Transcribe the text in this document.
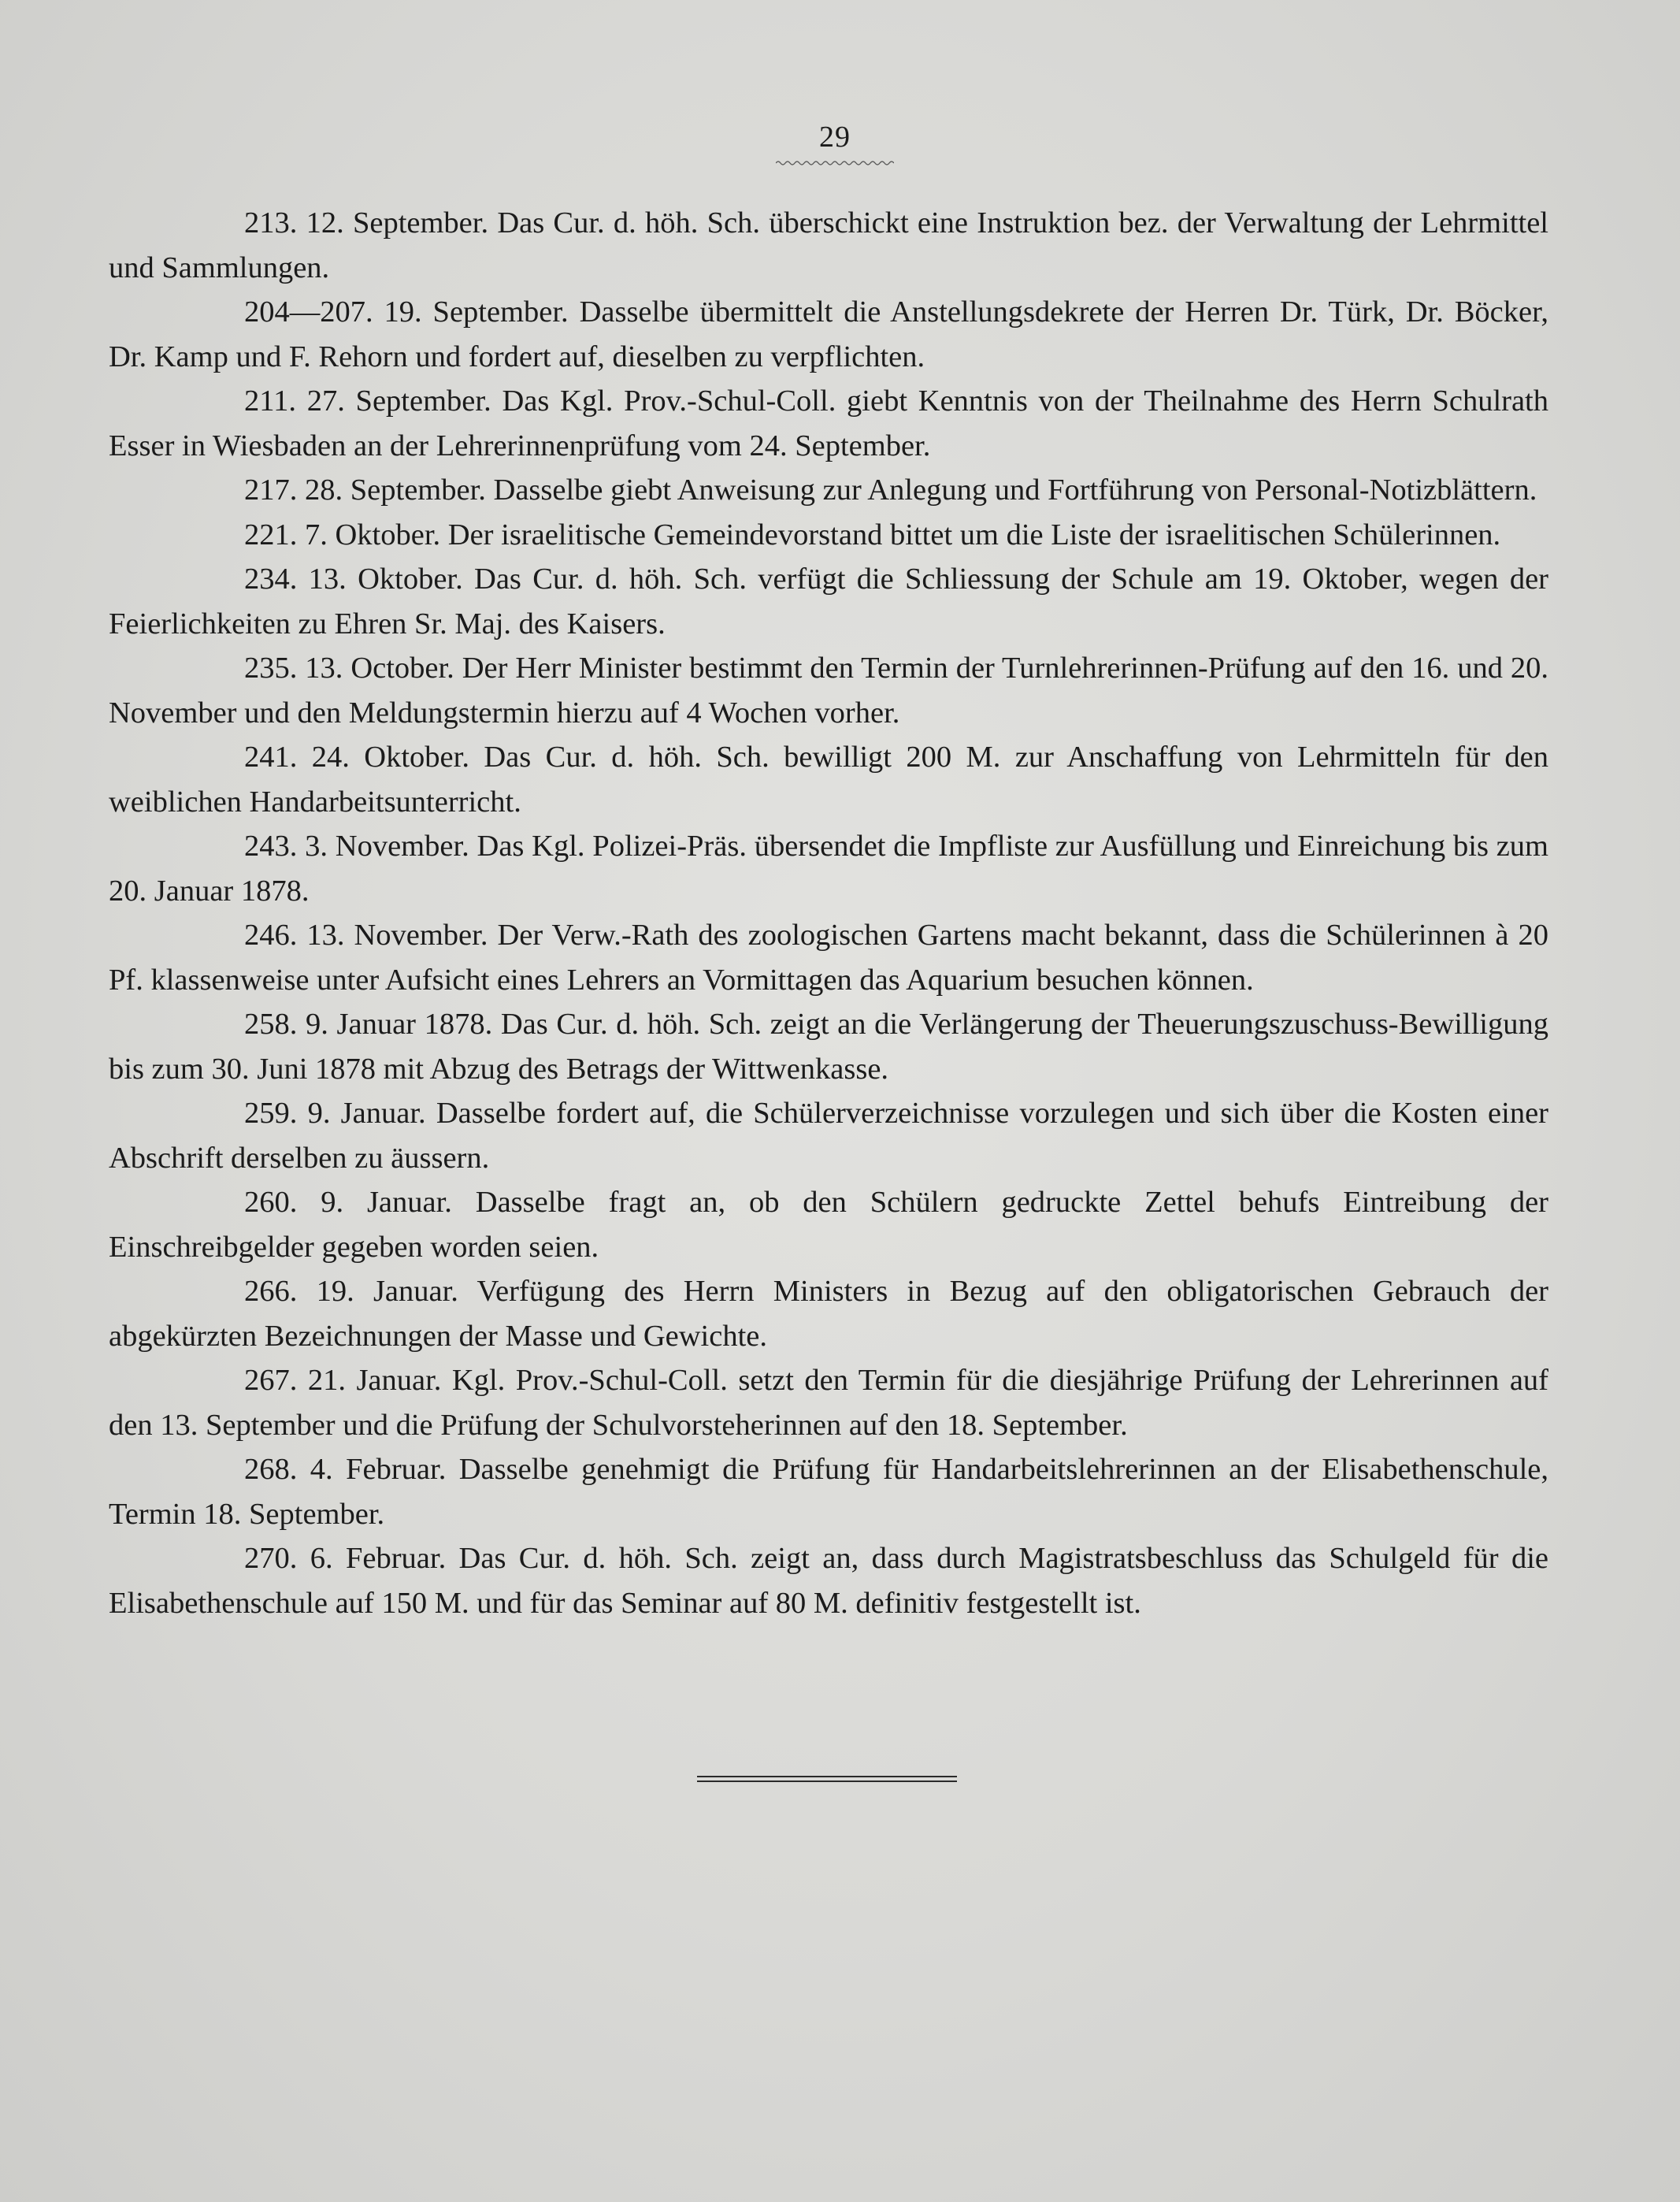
29

213. 12. September. Das Cur. d. höh. Sch. überschickt eine Instruktion bez. der Verwaltung der Lehrmittel und Sammlungen.

204—207. 19. September. Dasselbe übermittelt die Anstellungsdekrete der Herren Dr. Türk, Dr. Böcker, Dr. Kamp und F. Rehorn und fordert auf, dieselben zu verpflichten.

211. 27. September. Das Kgl. Prov.-Schul-Coll. giebt Kenntnis von der Theilnahme des Herrn Schulrath Esser in Wiesbaden an der Lehrerinnenprüfung vom 24. September.

217. 28. September. Dasselbe giebt Anweisung zur Anlegung und Fortführung von Personal-Notizblättern.

221. 7. Oktober. Der israelitische Gemeindevorstand bittet um die Liste der israelitischen Schülerinnen.

234. 13. Oktober. Das Cur. d. höh. Sch. verfügt die Schliessung der Schule am 19. Oktober, wegen der Feierlichkeiten zu Ehren Sr. Maj. des Kaisers.

235. 13. October. Der Herr Minister bestimmt den Termin der Turnlehrerinnen-Prüfung auf den 16. und 20. November und den Meldungstermin hierzu auf 4 Wochen vorher.

241. 24. Oktober. Das Cur. d. höh. Sch. bewilligt 200 M. zur Anschaffung von Lehrmitteln für den weiblichen Handarbeitsunterricht.

243. 3. November. Das Kgl. Polizei-Präs. übersendet die Impfliste zur Ausfüllung und Einreichung bis zum 20. Januar 1878.

246. 13. November. Der Verw.-Rath des zoologischen Gartens macht bekannt, dass die Schülerinnen à 20 Pf. klassenweise unter Aufsicht eines Lehrers an Vormittagen das Aquarium besuchen können.

258. 9. Januar 1878. Das Cur. d. höh. Sch. zeigt an die Verlängerung der Theuerungszuschuss-Bewilligung bis zum 30. Juni 1878 mit Abzug des Betrags der Wittwenkasse.

259. 9. Januar. Dasselbe fordert auf, die Schülerverzeichnisse vorzulegen und sich über die Kosten einer Abschrift derselben zu äussern.

260. 9. Januar. Dasselbe fragt an, ob den Schülern gedruckte Zettel behufs Eintreibung der Einschreibgelder gegeben worden seien.

266. 19. Januar. Verfügung des Herrn Ministers in Bezug auf den obligatorischen Gebrauch der abgekürzten Bezeichnungen der Masse und Gewichte.

267. 21. Januar. Kgl. Prov.-Schul-Coll. setzt den Termin für die diesjährige Prüfung der Lehrerinnen auf den 13. September und die Prüfung der Schulvorsteherinnen auf den 18. September.

268. 4. Februar. Dasselbe genehmigt die Prüfung für Handarbeitslehrerinnen an der Elisabethenschule, Termin 18. September.

270. 6. Februar. Das Cur. d. höh. Sch. zeigt an, dass durch Magistratsbeschluss das Schulgeld für die Elisabethenschule auf 150 M. und für das Seminar auf 80 M. definitiv festgestellt ist.
